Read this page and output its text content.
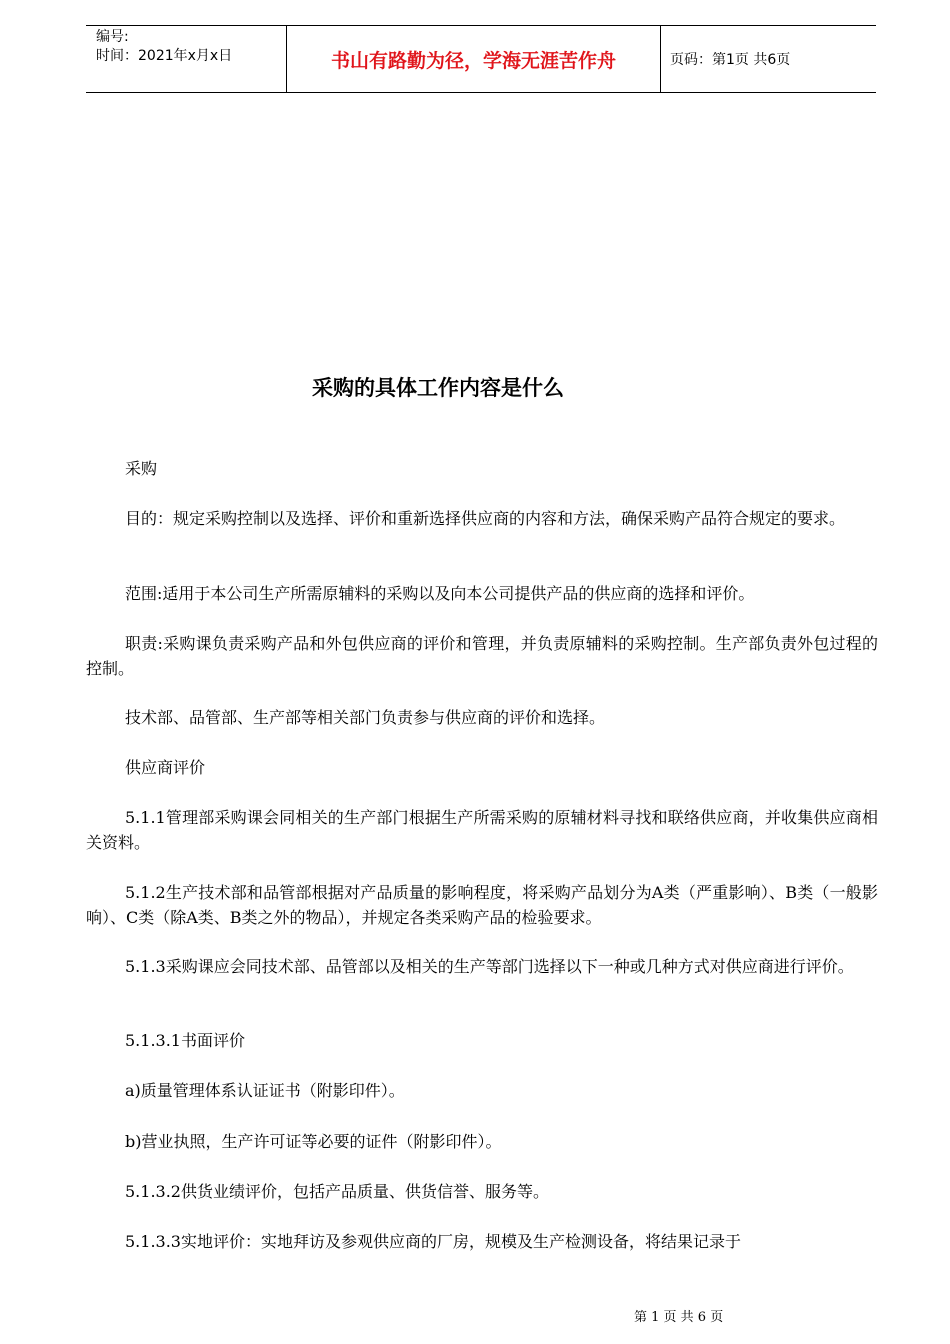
编号:
时间：2021年x月x日	书山有路勤为径，学海无涯苦作舟	页码：第1页 共6页
采购的具体工作内容是什么

采购

目的：规定采购控制以及选择、评价和重新选择供应商的内容和方法，确保采购产品符合规定的要求。

范围:适用于本公司生产所需原辅料的采购以及向本公司提供产品的供应商的选择和评价。

职责:采购课负责采购产品和外包供应商的评价和管理，并负责原辅料的采购控制。生产部负责外包过程的控制。

技术部、品管部、生产部等相关部门负责参与供应商的评价和选择。

供应商评价

5.1.1管理部采购课会同相关的生产部门根据生产所需采购的原辅材料寻找和联络供应商，并收集供应商相关资料。

5.1.2生产技术部和品管部根据对产品质量的影响程度，将采购产品划分为A类（严重影响）、B类（一般影响）、C类（除A类、B类之外的物品），并规定各类采购产品的检验要求。

5.1.3采购课应会同技术部、品管部以及相关的生产等部门选择以下一种或几种方式对供应商进行评价。

5.1.3.1书面评价

a)质量管理体系认证证书（附影印件）。

b)营业执照，生产许可证等必要的证件（附影印件）。

5.1.3.2供货业绩评价，包括产品质量、供货信誉、服务等。

5.1.3.3实地评价：实地拜访及参观供应商的厂房，规模及生产检测设备，将结果记录于

第 1 页 共 6 页
